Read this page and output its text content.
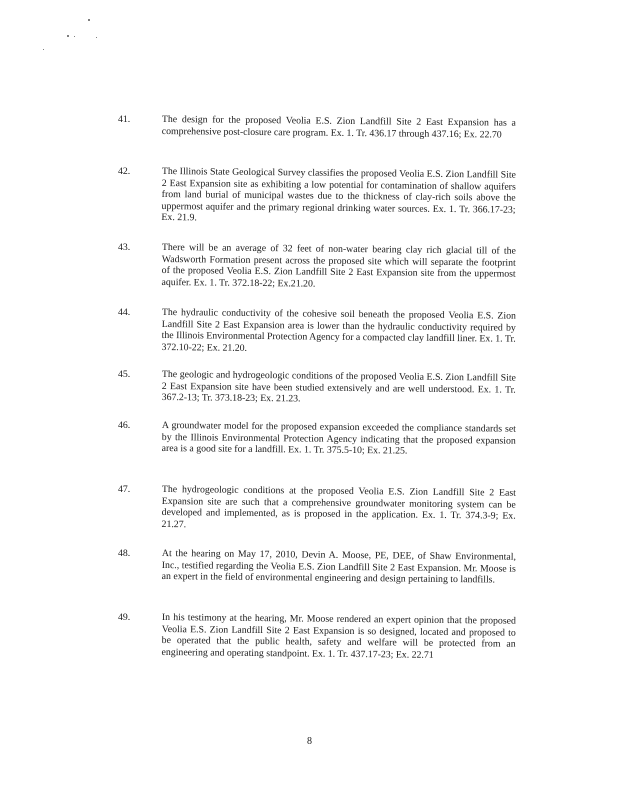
41.	The design for the proposed Veolia E.S. Zion Landfill Site 2 East Expansion has a comprehensive post-closure care program. Ex. 1. Tr. 436.17 through 437.16; Ex. 22.70
42.	The Illinois State Geological Survey classifies the proposed Veolia E.S. Zion Landfill Site 2 East Expansion site as exhibiting a low potential for contamination of shallow aquifers from land burial of municipal wastes due to the thickness of clay-rich soils above the uppermost aquifer and the primary regional drinking water sources. Ex. 1. Tr. 366.17-23; Ex. 21.9.
43.	There will be an average of 32 feet of non-water bearing clay rich glacial till of the Wadsworth Formation present across the proposed site which will separate the footprint of the proposed Veolia E.S. Zion Landfill Site 2 East Expansion site from the uppermost aquifer. Ex. 1. Tr. 372.18-22; Ex.21.20.
44.	The hydraulic conductivity of the cohesive soil beneath the proposed Veolia E.S. Zion Landfill Site 2 East Expansion area is lower than the hydraulic conductivity required by the Illinois Environmental Protection Agency for a compacted clay landfill liner. Ex. 1. Tr. 372.10-22; Ex. 21.20.
45.	The geologic and hydrogeologic conditions of the proposed Veolia E.S. Zion Landfill Site 2 East Expansion site have been studied extensively and are well understood. Ex. 1. Tr. 367.2-13; Tr. 373.18-23; Ex. 21.23.
46.	A groundwater model for the proposed expansion exceeded the compliance standards set by the Illinois Environmental Protection Agency indicating that the proposed expansion area is a good site for a landfill. Ex. 1. Tr. 375.5-10; Ex. 21.25.
47.	The hydrogeologic conditions at the proposed Veolia E.S. Zion Landfill Site 2 East Expansion site are such that a comprehensive groundwater monitoring system can be developed and implemented, as is proposed in the application. Ex. 1. Tr. 374.3-9; Ex. 21.27.
48.	At the hearing on May 17, 2010, Devin A. Moose, PE, DEE, of Shaw Environmental, Inc., testified regarding the Veolia E.S. Zion Landfill Site 2 East Expansion. Mr. Moose is an expert in the field of environmental engineering and design pertaining to landfills.
49.	In his testimony at the hearing, Mr. Moose rendered an expert opinion that the proposed Veolia E.S. Zion Landfill Site 2 East Expansion is so designed, located and proposed to be operated that the public health, safety and welfare will be protected from an engineering and operating standpoint. Ex. 1. Tr. 437.17-23; Ex. 22.71
8
